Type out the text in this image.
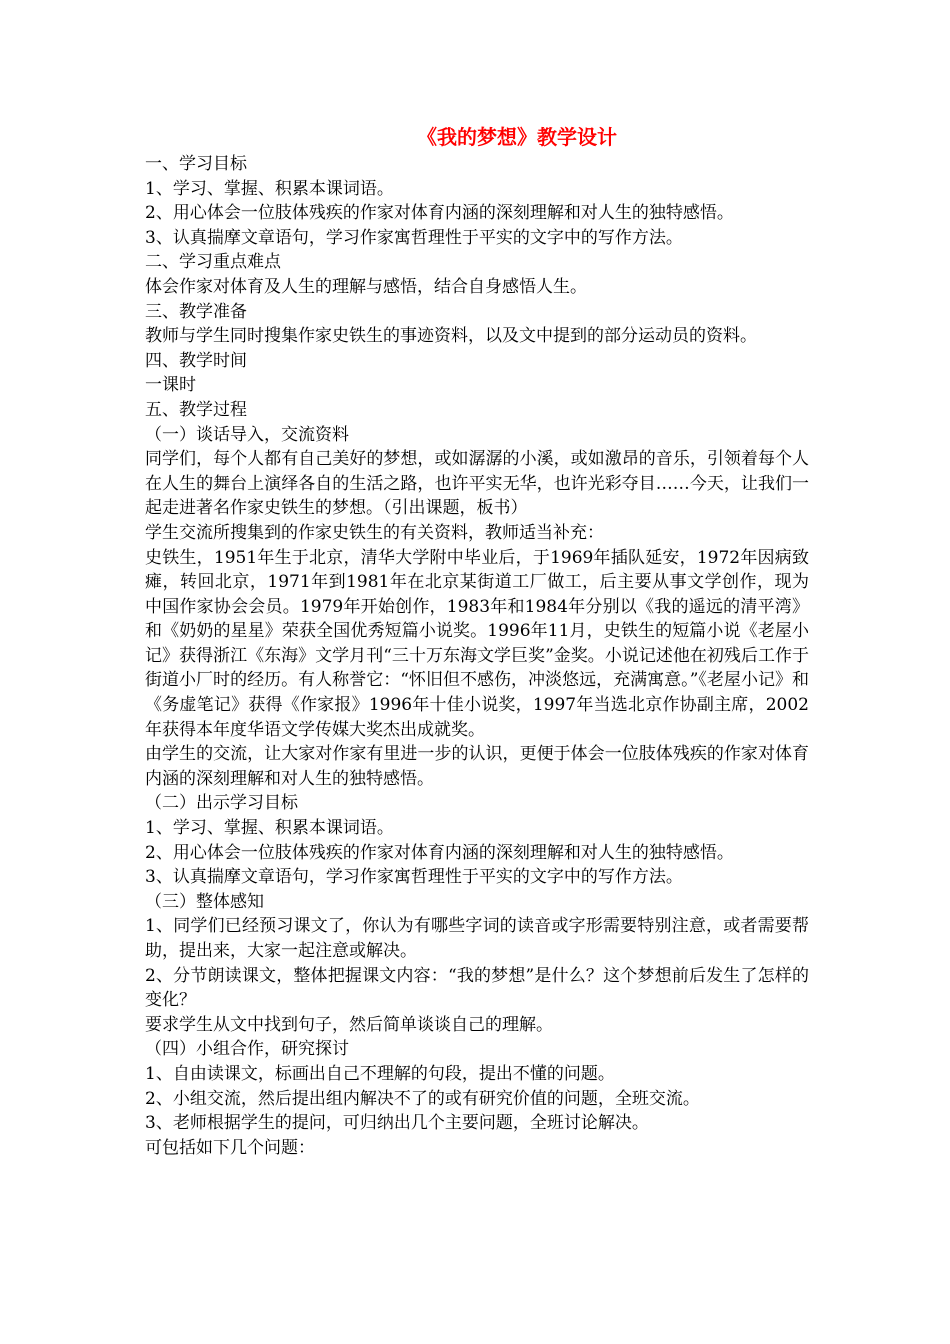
《我的梦想》教学设计
一、学习目标
1、学习、掌握、积累本课词语。
2、用心体会一位肢体残疾的作家对体育内涵的深刻理解和对人生的独特感悟。
3、认真揣摩文章语句，学习作家寓哲理性于平实的文字中的写作方法。
二、学习重点难点
体会作家对体育及人生的理解与感悟，结合自身感悟人生。
三、教学准备
教师与学生同时搜集作家史铁生的事迹资料，以及文中提到的部分运动员的资料。
四、教学时间
一课时
五、教学过程
（一）谈话导入，交流资料
同学们，每个人都有自己美好的梦想，或如潺潺的小溪，或如激昂的音乐，引领着每个人在人生的舞台上演绎各自的生活之路，也许平实无华，也许光彩夺目……今天，让我们一起走进著名作家史铁生的梦想。（引出课题，板书）
学生交流所搜集到的作家史铁生的有关资料，教师适当补充：
史铁生，1951年生于北京，清华大学附中毕业后，于1969年插队延安，1972年因病致瘫，转回北京，1971年到1981年在北京某街道工厂做工，后主要从事文学创作，现为中国作家协会会员。1979年开始创作，1983年和1984年分别以《我的遥远的清平湾》和《奶奶的星星》荣获全国优秀短篇小说奖。1996年11月，史铁生的短篇小说《老屋小记》获得浙江《东海》文学月刊“三十万东海文学巨奖”金奖。小说记述他在初残后工作于街道小厂时的经历。有人称誉它：“怀旧但不感伤，冲淡悠远，充满寓意。”《老屋小记》和《务虚笔记》获得《作家报》1996年十佳小说奖，1997年当选北京作协副主席，2002年获得本年度华语文学传媒大奖杰出成就奖。
由学生的交流，让大家对作家有里进一步的认识，更便于体会一位肢体残疾的作家对体育内涵的深刻理解和对人生的独特感悟。
（二）出示学习目标
1、学习、掌握、积累本课词语。
2、用心体会一位肢体残疾的作家对体育内涵的深刻理解和对人生的独特感悟。
3、认真揣摩文章语句，学习作家寓哲理性于平实的文字中的写作方法。
（三）整体感知
1、同学们已经预习课文了，你认为有哪些字词的读音或字形需要特别注意，或者需要帮助，提出来，大家一起注意或解决。
2、分节朗读课文，整体把握课文内容：“我的梦想”是什么？这个梦想前后发生了怎样的变化？
要求学生从文中找到句子，然后简单谈谈自己的理解。
（四）小组合作，研究探讨
1、自由读课文，标画出自己不理解的句段，提出不懂的问题。
2、小组交流，然后提出组内解决不了的或有研究价值的问题，全班交流。
3、老师根据学生的提问，可归纳出几个主要问题，全班讨论解决。
可包括如下几个问题：
